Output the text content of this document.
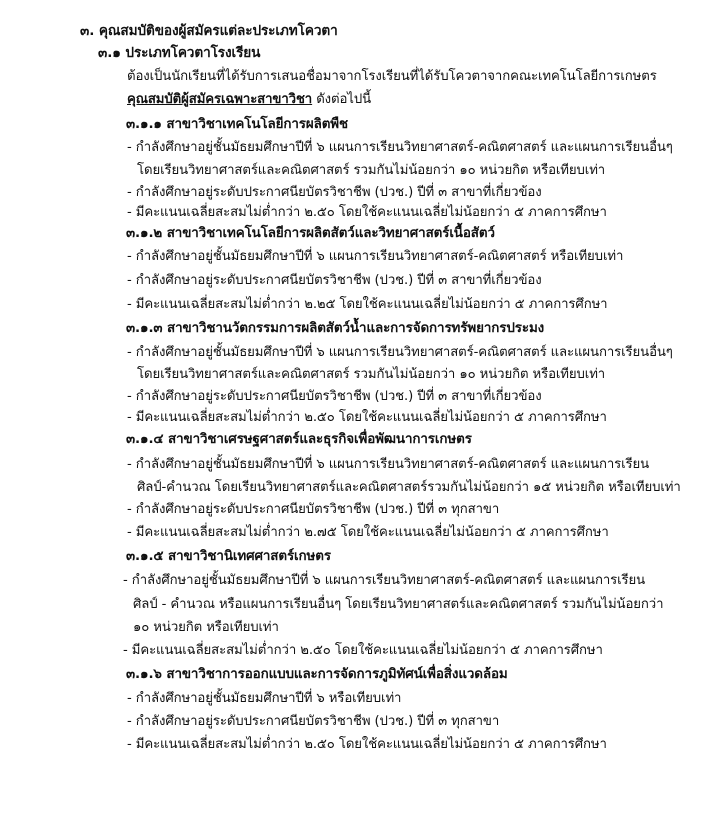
๓. คุณสมบัติของผู้สมัครแต่ละประเภทโควตา
๓.๑ ประเภทโควตาโรงเรียน
ต้องเป็นนักเรียนที่ได้รับการเสนอชื่อมาจากโรงเรียนที่ได้รับโควตาจากคณะเทคโนโลยีการเกษตร
คุณสมบัติผู้สมัครเฉพาะสาขาวิชา ดังต่อไปนี้
๓.๑.๑ สาขาวิชาเทคโนโลยีการผลิตพืช
- กำลังศึกษาอยู่ชั้นมัธยมศึกษาปีที่ ๖ แผนการเรียนวิทยาศาสตร์-คณิตศาสตร์ และแผนการเรียนอื่นๆ
โดยเรียนวิทยาศาสตร์และคณิตศาสตร์ รวมกันไม่น้อยกว่า ๑๐ หน่วยกิต หรือเทียบเท่า
- กำลังศึกษาอยู่ระดับประกาศนียบัตรวิชาชีพ (ปวช.) ปีที่ ๓ สาขาที่เกี่ยวข้อง
- มีคะแนนเฉลี่ยสะสมไม่ต่ำกว่า ๒.๕๐ โดยใช้คะแนนเฉลี่ยไม่น้อยกว่า ๕ ภาคการศึกษา
๓.๑.๒ สาขาวิชาเทคโนโลยีการผลิตสัตว์และวิทยาศาสตร์เนื้อสัตว์
- กำลังศึกษาอยู่ชั้นมัธยมศึกษาปีที่ ๖ แผนการเรียนวิทยาศาสตร์-คณิตศาสตร์ หรือเทียบเท่า
- กำลังศึกษาอยู่ระดับประกาศนียบัตรวิชาชีพ (ปวช.) ปีที่ ๓ สาขาที่เกี่ยวข้อง
- มีคะแนนเฉลี่ยสะสมไม่ต่ำกว่า ๒.๒๕ โดยใช้คะแนนเฉลี่ยไม่น้อยกว่า ๕ ภาคการศึกษา
๓.๑.๓ สาขาวิชานวัตกรรมการผลิตสัตว์น้ำและการจัดการทรัพยากรประมง
- กำลังศึกษาอยู่ชั้นมัธยมศึกษาปีที่ ๖ แผนการเรียนวิทยาศาสตร์-คณิตศาสตร์ และแผนการเรียนอื่นๆ
โดยเรียนวิทยาศาสตร์และคณิตศาสตร์ รวมกันไม่น้อยกว่า ๑๐ หน่วยกิต หรือเทียบเท่า
- กำลังศึกษาอยู่ระดับประกาศนียบัตรวิชาชีพ (ปวช.) ปีที่ ๓ สาขาที่เกี่ยวข้อง
- มีคะแนนเฉลี่ยสะสมไม่ต่ำกว่า ๒.๕๐ โดยใช้คะแนนเฉลี่ยไม่น้อยกว่า ๕ ภาคการศึกษา
๓.๑.๔ สาขาวิชาเศรษฐศาสตร์และธุรกิจเพื่อพัฒนาการเกษตร
- กำลังศึกษาอยู่ชั้นมัธยมศึกษาปีที่ ๖ แผนการเรียนวิทยาศาสตร์-คณิตศาสตร์ และแผนการเรียน
ศิลป์-คำนวณ โดยเรียนวิทยาศาสตร์และคณิตศาสตร์รวมกันไม่น้อยกว่า ๑๕ หน่วยกิต หรือเทียบเท่า
- กำลังศึกษาอยู่ระดับประกาศนียบัตรวิชาชีพ (ปวช.) ปีที่ ๓ ทุกสาขา
- มีคะแนนเฉลี่ยสะสมไม่ต่ำกว่า ๒.๗๕ โดยใช้คะแนนเฉลี่ยไม่น้อยกว่า ๕ ภาคการศึกษา
๓.๑.๕ สาขาวิชานิเทศศาสตร์เกษตร
- กำลังศึกษาอยู่ชั้นมัธยมศึกษาปีที่ ๖ แผนการเรียนวิทยาศาสตร์-คณิตศาสตร์ และแผนการเรียน
ศิลป์ - คำนวณ หรือแผนการเรียนอื่นๆ โดยเรียนวิทยาศาสตร์และคณิตศาสตร์ รวมกันไม่น้อยกว่า
๑๐ หน่วยกิต หรือเทียบเท่า
- มีคะแนนเฉลี่ยสะสมไม่ต่ำกว่า ๒.๕๐ โดยใช้คะแนนเฉลี่ยไม่น้อยกว่า ๕ ภาคการศึกษา
๓.๑.๖ สาขาวิชาการออกแบบและการจัดการภูมิทัศน์เพื่อสิ่งแวดล้อม
- กำลังศึกษาอยู่ชั้นมัธยมศึกษาปีที่ ๖ หรือเทียบเท่า
- กำลังศึกษาอยู่ระดับประกาศนียบัตรวิชาชีพ (ปวช.) ปีที่ ๓ ทุกสาขา
- มีคะแนนเฉลี่ยสะสมไม่ต่ำกว่า ๒.๕๐ โดยใช้คะแนนเฉลี่ยไม่น้อยกว่า ๕ ภาคการศึกษา
